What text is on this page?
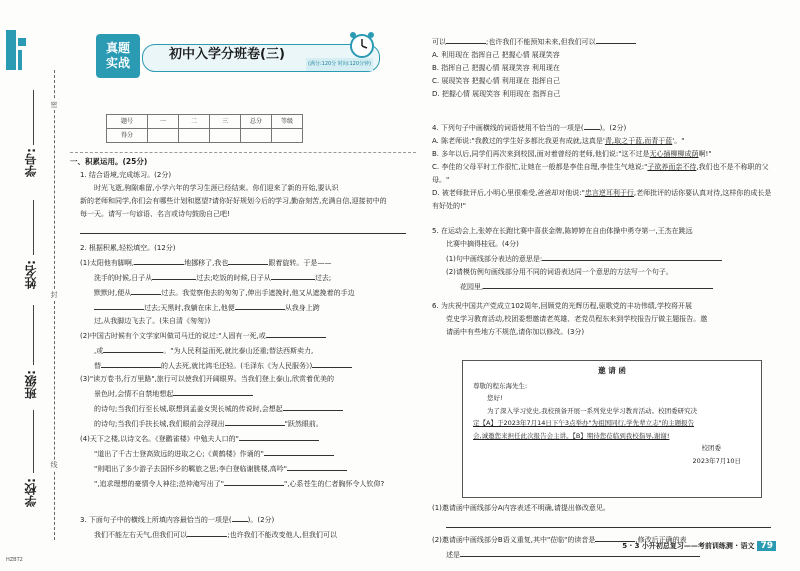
密
封
线
学号:
姓名:
班级:
学校:
HZBT2
真题
实战
初中入学分班卷(三)
(满分:120分 时间:120分钟)
题号	一	二	三	总分	等级
得分					
一、积累运用。(25分)
1. 结合语境,完成练习。(2分)
时光飞逝,驹隙难留,小学六年的学习生涯已经结束。你们迎来了新的开始,要认识
新的老师和同学,你们会有哪些计划和愿望?请你好好规划今后的学习,勤奋刻苦,充满自信,迎接初中的
每一天。请写一句谚语、名言或诗句鼓励自己吧!
2. 根据积累,轻松填空。(12分)
(1)太阳他有脚啊,	地挪移了,我也	跟着旋转。于是——
洗手的时候,日子从	过去;吃饭的时候,日子从	过去;
默默时,便从	过去。我觉察他去的匆匆了,伸出手遮挽时,他又从遮挽着的手边
过去;天黑时,我躺在床上,他便	从我身上跨
过,从我脚边飞去了。(朱自清《匆匆》)
(2)中国古时候有个文学家叫做司马迁的说过:"人固有一死,或
,或	。"为人民利益而死,就比泰山还重;替法西斯卖力,
替	的人去死,就比鸿毛还轻。(毛泽东《为人民服务》)
(3)"读万卷书,行万里路",旅行可以使我们开阔眼界。当我们登上泰山,欣赏着优美的
景色时,会情不自禁地想起
的诗句;当我们行至长城,联想到孟姜女哭长城的传说时,会想起
的诗句;当我们手扶长城,我们眼前会浮现出	"跃然眼前。
(4)天下之楼,以诗文名。《登鹳雀楼》中勉夫人口的"
"道出了千古士登高致远的进取之心;《黄鹤楼》作诵的"
"则唱出了多少游子去国怀乡的羁旅之思;李白登临谢朓楼,高吟"
",追求理想的豪情令人神往;范仲淹写出了"	",心系苍生的仁者胸怀令人钦仰?
3. 下面句子中的横线上所填内容最恰当的一项是( )。(2分)
我们不能左右天气,但我们可以	;也许我们不能改变他人,但我们可以
可以	;也许我们不能预知未来,但我们可以
A. 利用现在 指挥自己 把握心情 展现笑容
B. 指挥自己 把握心情 展现笑容 利用现在
C. 展现笑容 把握心情 利用现在 指挥自己
D. 把握心情 展现笑容 利用现在 指挥自己
4. 下列句子中画横线的词语使用不恰当的一项是( )。(2分)
A. 陈老师说:"我教过的学生好多都比我更有成就,这真是'青,取之于蓝,而青于蓝'。"
B. 多年以后,同学们再次来到校园,面对着曾经的老师,他们说:"这不过是无心插柳柳成荫啊!"
C. 李佳的父母平时工作很忙,让她在一般都是李佳自理,李佳生气地说:"子欲养而亲不待,我们也不是不称职的父母。"
D. 被老师批评后,小明心里很难受,爸爸却对他说:"忠言逆耳利于行,老师批评的话你要认真对待,这样你的成长是有好处的!"
5. 在运动会上,张婷在长跑比赛中喜获金牌,陈婷婷在自由体操中勇夺第一,王杰在跳远
比赛中摘得桂冠。(4分)
(1)句中画线部分表达的意思是:
(2)请模仿例句画线部分用不同的词语表达同一个意思的方法写一个句子。
花园里,
6. 为庆祝中国共产党成立102周年,回顾党的光辉历程,驱歌党的丰功伟绩,学校将开展
党史学习教育活动,校团委想邀请老英雄、老党员程东来到学校报告厅做主题报告。邀
请函中有些地方不规范,请你加以修改。(3分)
邀 请 函
尊敬的程东海先生:
您好!
为了深入学习党史,我校预备开展一系列党史学习教育活动。校团委研究决
定【A】于2023年7月14日下午3点举办"为祖国同行,学先辈立志"的主题报告
会,诚邀您来担任此次报告会主讲。【B】期待您莅临到我校指导,谢谢!
校团委
2023年7月10日
(1)邀请函中画线部分A内容表述不明确,请提出修改意见。
(2)邀请函中画线部分B语义重复,其中"莅临"的读音是	,修改后正确的表
述是
5 · 3 小升初总复习——考前训练测 · 语文 79
